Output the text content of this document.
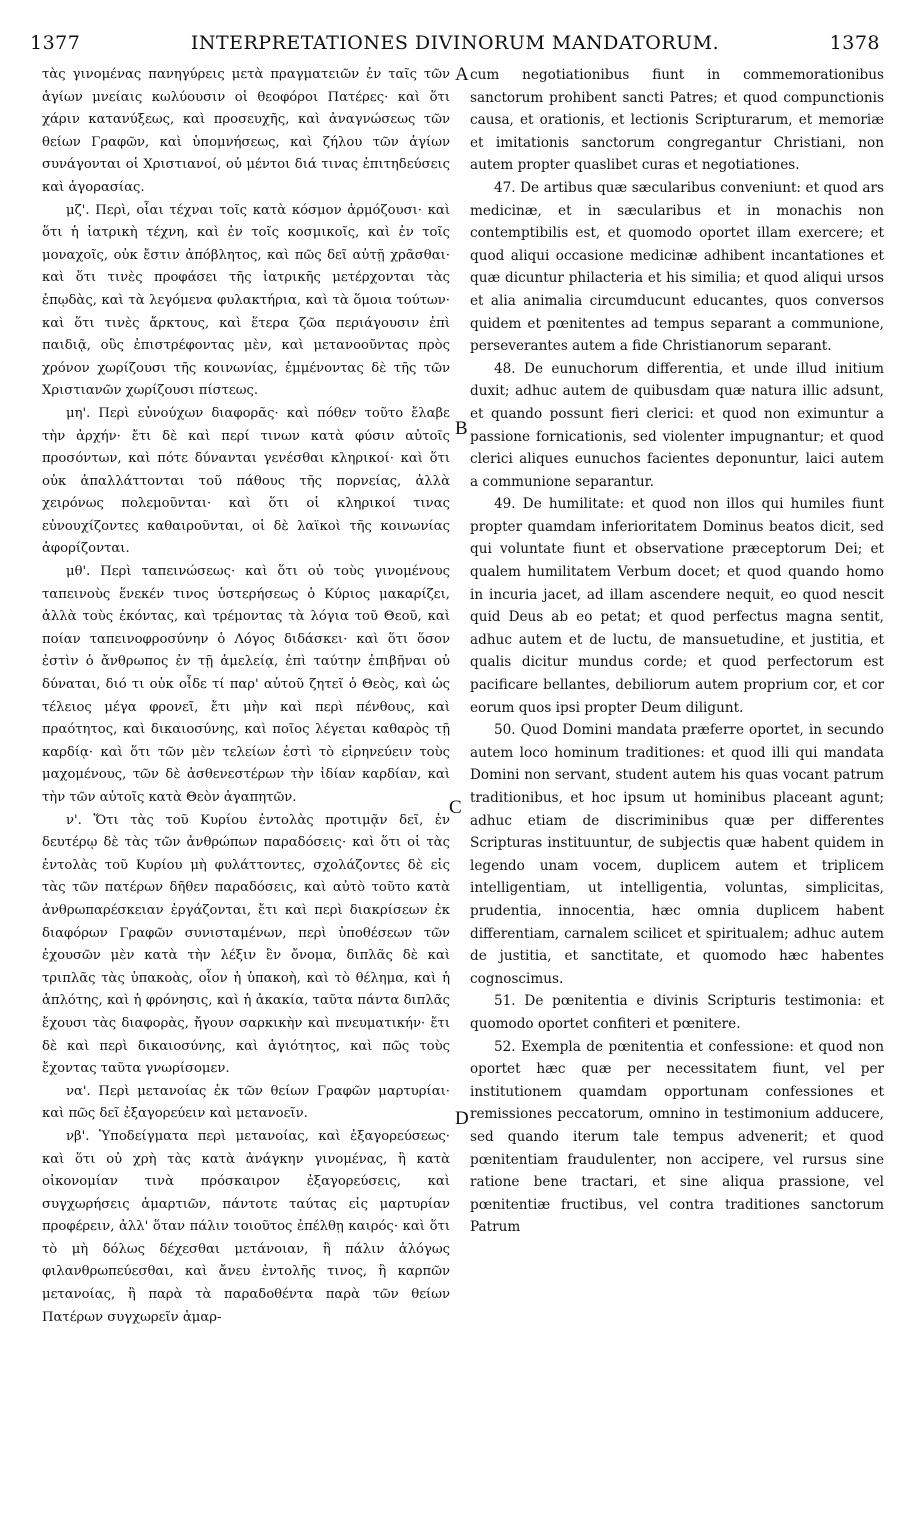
1377	INTERPRETATIONES DIVINORUM MANDATORUM.	1378

τὰς γινομένας πανηγύρεις μετὰ πραγματειῶν ἐν ταῖς τῶν ἁγίων μνείαις κωλύουσιν οἱ θεοφόροι Πατέρες· καὶ ὅτι χάριν κατανύξεως, καὶ προσευχῆς, καὶ ἀναγνώσεως τῶν θείων Γραφῶν, καὶ ὑπομνήσεως, καὶ ζήλου τῶν ἁγίων συνάγονται οἱ Χριστιανοί, οὐ μέντοι διά τινας ἐπιτηδεύσεις καὶ ἀγορασίας.

μζ'. Περὶ, οἷαι τέχναι τοῖς κατὰ κόσμον ἁρμόζουσι· καὶ ὅτι ἡ ἰατρικὴ τέχνη, καὶ ἐν τοῖς κοσμικοῖς, καὶ ἐν τοῖς μοναχοῖς, οὐκ ἔστιν ἀπόβλητος, καὶ πῶς δεῖ αὐτῇ χρᾶσθαι· καὶ ὅτι τινὲς προφάσει τῆς ἰατρικῆς μετέρχονται τὰς ἐπῳδὰς, καὶ τὰ λεγόμενα φυλακτήρια, καὶ τὰ ὅμοια τούτων· καὶ ὅτι τινὲς ἄρκτους, καὶ ἕτερα ζῶα περιάγουσιν ἐπὶ παιδιᾷ, οὓς ἐπιστρέφοντας μὲν, καὶ μετανοοῦντας πρὸς χρόνον χωρίζουσι τῆς κοινωνίας, ἐμμένοντας δὲ τῆς τῶν Χριστιανῶν χωρίζουσι πίστεως.

μη'. Περὶ εὐνούχων διαφορᾶς· καὶ πόθεν τοῦτο ἔλαβε τὴν ἀρχήν· ἔτι δὲ καὶ περί τινων κατὰ φύσιν αὐτοῖς προσόντων, καὶ πότε δύνανται γενέσθαι κληρικοί· καὶ ὅτι οὐκ ἀπαλλάττονται τοῦ πάθους τῆς πορνείας, ἀλλὰ χειρόνως πολεμοῦνται· καὶ ὅτι οἱ κληρικοί τινας εὐνουχίζοντες καθαιροῦνται, οἱ δὲ λαϊκοὶ τῆς κοινωνίας ἀφορίζονται.

μθ'. Περὶ ταπεινώσεως· καὶ ὅτι οὐ τοὺς γινομένους ταπεινοὺς ἕνεκέν τινος ὑστερήσεως ὁ Κύριος μακαρίζει, ἀλλὰ τοὺς ἑκόντας, καὶ τρέμοντας τὰ λόγια τοῦ Θεοῦ, καὶ ποίαν ταπεινοφροσύνην ὁ Λόγος διδάσκει· καὶ ὅτι ὅσον ἐστὶν ὁ ἄνθρωπος ἐν τῇ ἀμελείᾳ, ἐπὶ ταύτην ἐπιβῆναι οὐ δύναται, διό τι οὐκ οἶδε τί παρ' αὐτοῦ ζητεῖ ὁ Θεὸς, καὶ ὡς τέλειος μέγα φρονεῖ, ἔτι μὴν καὶ περὶ πένθους, καὶ πραότητος, καὶ δικαιοσύνης, καὶ ποῖος λέγεται καθαρὸς τῇ καρδίᾳ· καὶ ὅτι τῶν μὲν τελείων ἐστὶ τὸ εἰρηνεύειν τοὺς μαχομένους, τῶν δὲ ἀσθενεστέρων τὴν ἰδίαν καρδίαν, καὶ τὴν τῶν αὐτοῖς κατὰ Θεὸν ἀγαπητῶν.

ν'. Ὅτι τὰς τοῦ Κυρίου ἐντολὰς προτιμᾷν δεῖ, ἐν δευτέρῳ δὲ τὰς τῶν ἀνθρώπων παραδόσεις· καὶ ὅτι οἱ τὰς ἐντολὰς τοῦ Κυρίου μὴ φυλάττοντες, σχολάζοντες δὲ εἰς τὰς τῶν πατέρων δῆθεν παραδόσεις, καὶ αὐτὸ τοῦτο κατὰ ἀνθρωπαρέσκειαν ἐργάζονται, ἔτι καὶ περὶ διακρίσεων ἐκ διαφόρων Γραφῶν συνισταμένων, περὶ ὑποθέσεων τῶν ἐχουσῶν μὲν κατὰ τὴν λέξιν ἓν ὄνομα, διπλᾶς δὲ καὶ τριπλᾶς τὰς ὑπακοὰς, οἷον ἡ ὑπακοὴ, καὶ τὸ θέλημα, καὶ ἡ ἁπλότης, καὶ ἡ φρόνησις, καὶ ἡ ἀκακία, ταῦτα πάντα διπλᾶς ἔχουσι τὰς διαφορὰς, ἤγουν σαρκικὴν καὶ πνευματικήν· ἔτι δὲ καὶ περὶ δικαιοσύνης, καὶ ἁγιότητος, καὶ πῶς τοὺς ἔχοντας ταῦτα γνωρίσομεν.

να'. Περὶ μετανοίας ἐκ τῶν θείων Γραφῶν μαρτυρίαι· καὶ πῶς δεῖ ἐξαγορεύειν καὶ μετανοεῖν.

νβ'. Ὑποδείγματα περὶ μετανοίας, καὶ ἐξαγορεύσεως· καὶ ὅτι οὐ χρὴ τὰς κατὰ ἀνάγκην γινομένας, ἢ κατὰ οἰκονομίαν τινὰ πρόσκαιρον ἐξαγορεύσεις, καὶ συγχωρήσεις ἁμαρτιῶν, πάντοτε ταύτας εἰς μαρτυρίαν προφέρειν, ἀλλ' ὅταν πάλιν τοιοῦτος ἐπέλθῃ καιρός· καὶ ὅτι τὸ μὴ δόλως δέχεσθαι μετάνοιαν, ἢ πάλιν ἀλόγως φιλανθρωπεύεσθαι, καὶ ἄνευ ἐντολῆς τινος, ἢ καρπῶν μετανοίας, ἢ παρὰ τὰ παραδοθέντα παρὰ τῶν θείων Πατέρων συγχωρεῖν ἁμαρ-

A
B
C
D

cum negotiationibus fiunt in commemorationibus sanctorum prohibent sancti Patres; et quod compunctionis causa, et orationis, et lectionis Scripturarum, et memoriæ et imitationis sanctorum congregantur Christiani, non autem propter quaslibet curas et negotiationes.

47. De artibus quæ sæcularibus conveniunt: et quod ars medicinæ, et in sæcularibus et in monachis non contemptibilis est, et quomodo oportet illam exercere; et quod aliqui occasione medicinæ adhibent incantationes et quæ dicuntur philacteria et his similia; et quod aliqui ursos et alia animalia circumducunt educantes, quos conversos quidem et pœnitentes ad tempus separant a communione, perseverantes autem a fide Christianorum separant.

48. De eunuchorum differentia, et unde illud initium duxit; adhuc autem de quibusdam quæ natura illic adsunt, et quando possunt fieri clerici: et quod non eximuntur a passione fornicationis, sed violenter impugnantur; et quod clerici aliques eunuchos facientes deponuntur, laici autem a communione separantur.

49. De humilitate: et quod non illos qui humiles fiunt propter quamdam inferioritatem Dominus beatos dicit, sed qui voluntate fiunt et observatione præceptorum Dei; et qualem humilitatem Verbum docet; et quod quando homo in incuria jacet, ad illam ascendere nequit, eo quod nescit quid Deus ab eo petat; et quod perfectus magna sentit, adhuc autem et de luctu, de mansuetudine, et justitia, et qualis dicitur mundus corde; et quod perfectorum est pacificare bellantes, debiliorum autem proprium cor, et cor eorum quos ipsi propter Deum diligunt.

50. Quod Domini mandata præferre oportet, in secundo autem loco hominum traditiones: et quod illi qui mandata Domini non servant, student autem his quas vocant patrum traditionibus, et hoc ipsum ut hominibus placeant agunt; adhuc etiam de discriminibus quæ per differentes Scripturas instituuntur, de subjectis quæ habent quidem in legendo unam vocem, duplicem autem et triplicem intelligentiam, ut intelligentia, voluntas, simplicitas, prudentia, innocentia, hæc omnia duplicem habent differentiam, carnalem scilicet et spiritualem; adhuc autem de justitia, et sanctitate, et quomodo hæc habentes cognoscimus.

51. De pœnitentia e divinis Scripturis testimonia: et quomodo oportet confiteri et pœnitere.

52. Exempla de pœnitentia et confessione: et quod non oportet hæc quæ per necessitatem fiunt, vel per institutionem quamdam opportunam confessiones et remissiones peccatorum, omnino in testimonium adducere, sed quando iterum tale tempus advenerit; et quod pœnitentiam fraudulenter, non accipere, vel rursus sine ratione bene tractari, et sine aliqua prassione, vel pœnitentiæ fructibus, vel contra traditiones sanctorum Patrum
